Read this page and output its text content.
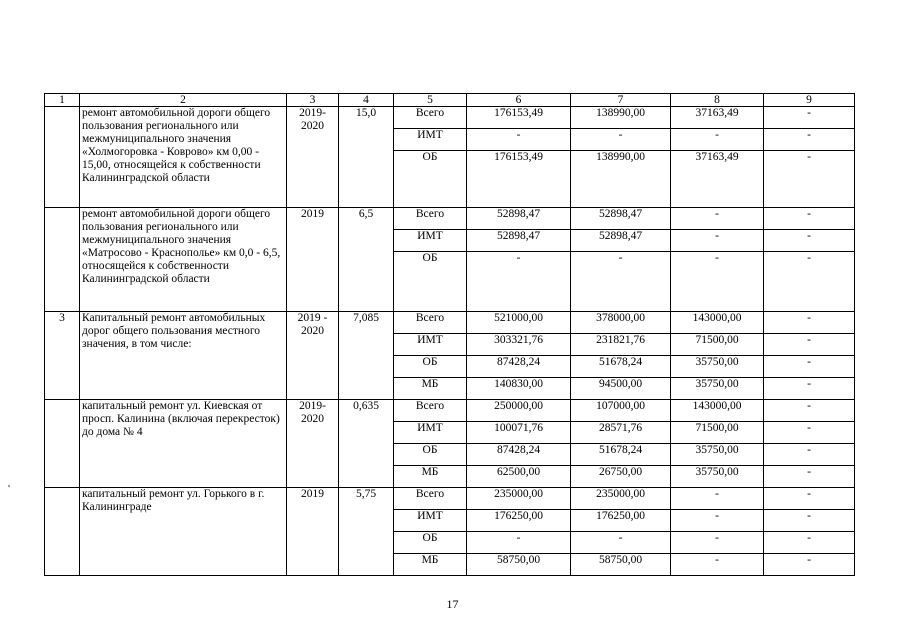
1	2	3	4	5	6	7	8	9
	ремонт автомобильной дороги общего пользования регионального или межмуниципального значения «Холмогоровка - Коврово» км 0,00 - 15,00, относящейся к собственности Калининградской области	2019-2020	15,0	Всего	176153,49	138990,00	37163,49	-
				ИМТ	-	-	-	-
				ОБ	176153,49	138990,00	37163,49	-
	ремонт автомобильной дороги общего пользования регионального или межмуниципального значения «Матросово - Краснополье» км 0,0 - 6,5, относящейся к собственности Калининградской области	2019	6,5	Всего	52898,47	52898,47	-	-
				ИМТ	52898,47	52898,47	-	-
				ОБ	-	-	-	-
3	Капитальный ремонт автомобильных дорог общего пользования местного значения, в том числе:	2019 - 2020	7,085	Всего	521000,00	378000,00	143000,00	-
				ИМТ	303321,76	231821,76	71500,00	-
				ОБ	87428,24	51678,24	35750,00	-
				МБ	140830,00	94500,00	35750,00	-
	капитальный ремонт ул. Киевская от просп. Калинина (включая перекресток) до дома № 4	2019-2020	0,635	Всего	250000,00	107000,00	143000,00	-
				ИМТ	100071,76	28571,76	71500,00	-
				ОБ	87428,24	51678,24	35750,00	-
				МБ	62500,00	26750,00	35750,00	-
	капитальный ремонт ул. Горького в г. Калининграде	2019	5,75	Всего	235000,00	235000,00	-	-
				ИМТ	176250,00	176250,00	-	-
				ОБ	-	-	-	-
				МБ	58750,00	58750,00	-	-
17
